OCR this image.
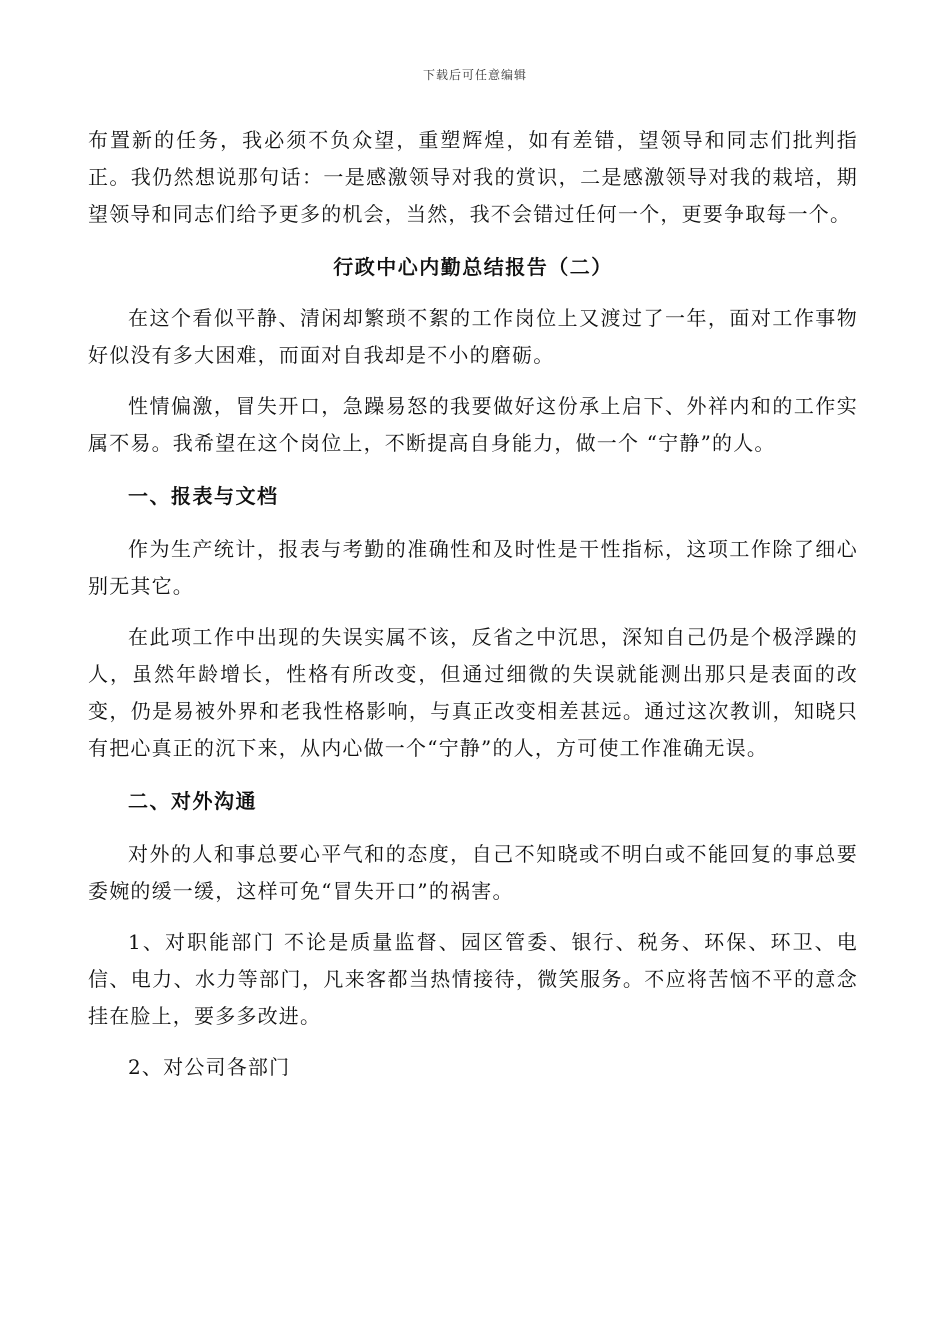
下载后可任意编辑

布置新的任务，我必须不负众望，重塑辉煌，如有差错，望领导和同志们批判指正。我仍然想说那句话：一是感激领导对我的赏识，二是感激领导对我的栽培，期望领导和同志们给予更多的机会，当然，我不会错过任何一个，更要争取每一个。

行政中心内勤总结报告（二）

在这个看似平静、清闲却繁琐不絮的工作岗位上又渡过了一年，面对工作事物好似没有多大困难，而面对自我却是不小的磨砺。

性情偏激，冒失开口，急躁易怒的我要做好这份承上启下、外祥内和的工作实属不易。我希望在这个岗位上，不断提高自身能力，做一个 “宁静”的人。

一、报表与文档

作为生产统计，报表与考勤的准确性和及时性是干性指标，这项工作除了细心别无其它。

在此项工作中出现的失误实属不该，反省之中沉思，深知自己仍是个极浮躁的人，虽然年龄增长，性格有所改变，但通过细微的失误就能测出那只是表面的改变，仍是易被外界和老我性格影响，与真正改变相差甚远。通过这次教训，知晓只有把心真正的沉下来，从内心做一个“宁静”的人，方可使工作准确无误。

二、对外沟通

对外的人和事总要心平气和的态度，自己不知晓或不明白或不能回复的事总要委婉的缓一缓，这样可免“冒失开口”的祸害。

1、对职能部门 不论是质量监督、园区管委、银行、税务、环保、环卫、电信、电力、水力等部门，凡来客都当热情接待，微笑服务。不应将苦恼不平的意念挂在脸上，要多多改进。

2、对公司各部门
